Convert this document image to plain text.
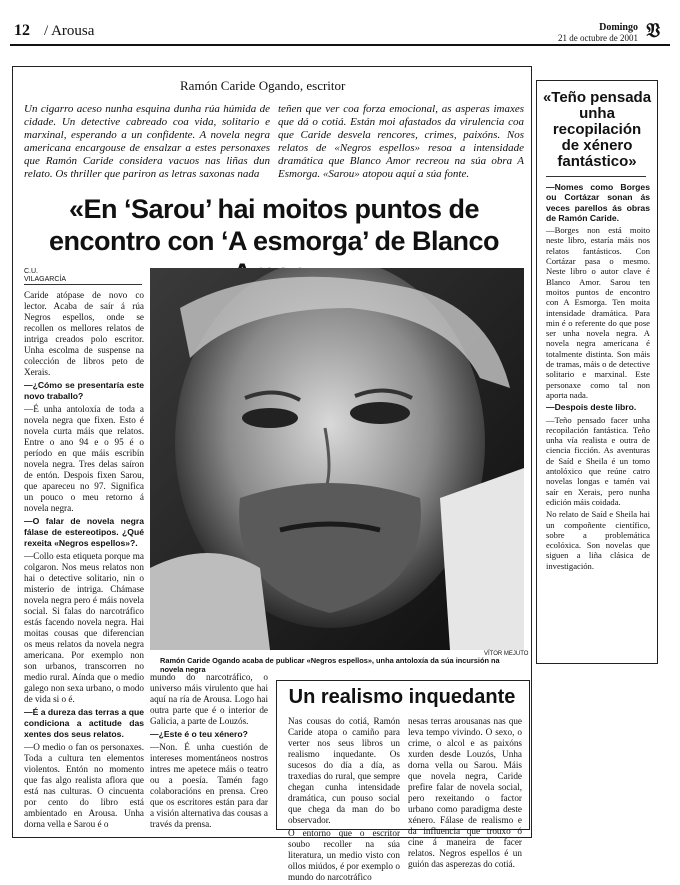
12 / Arousa	Domingo
21 de octubre de 2001 𝔙
Ramón Caride Ogando, escritor
Un cigarro aceso nunha esquina dunha rúa húmida de cidade. Un detective cabreado coa vida, solitario e marxinal, esperando a un confidente. A novela negra americana encargouse de ensalzar a estes personaxes que Ramón Caride considera vacuos nas liñas dun relato. Os thriller que pariron as letras saxonas nada
teñen que ver coa forza emocional, as asperas imaxes que dá o cotiá. Están moi afastados da virulencia coa que Caride desvela rencores, crimes, paixóns. Nos relatos de «Negros espellos» resoa a intensidade dramática que Blanco Amor recreou na súa obra A Esmorga. «Sarou» atopou aquí a súa fonte.
«En ‘Sarou’ hai moitos puntos de encontro con ‘A esmorga’ de Blanco
C.U.
VILAGARCÍA

Caride atópase de novo co lector. Acaba de saír á rúa Negros espellos, onde se recollen os mellores relatos de intriga creados polo escritor. Unha escolma de suspense na colección de libros peto de Xerais.

—¿Cómo se presentaría este novo traballo?

—É unha antoloxía de toda a novela negra que fixen. Esto é novela curta máis que relatos. Entre o ano 94 e o 95 é o período en que máis escribín novela negra. Tres delas saíron de entón. Despois fixen Sarou, que apareceu no 97. Significa un pouco o meu retorno á novela negra.

—O falar de novela negra fálase de estereotipos. ¿Qué rexeita «Negros espellos»?.

—Collo esta etiqueta porque ma colgaron. Nos meus relatos non hai o detective solitario, nin o misterio de intriga. Chámase novela negra pero é máis novela social. Si falas do narcotráfico estás facendo novela negra. Hai moitas cousas que diferencian os meus relatos da novela negra americana. Por exemplo non son urbanos, transcorren no medio rural. Aínda que o medio galego non sexa urbano, o modo de vida si o é.

—É a dureza das terras a que condiciona a actitude das xentes dos seus relatos.

—O medio o fan os personaxes. Toda a cultura ten elementos violentos. Entón no momento que fas algo realista aflora que está nas culturas. O cincuenta por cento do libro está ambientado en Arousa. Unha dorna vella e Sarou é o

VÍTOR MEJUTO
Ramón Caride Ogando acaba de publicar «Negros espellos», unha antoloxía da súa incursión na novela negra

mundo do narcotráfico, o universo máis virulento que hai aquí na ría de Arousa. Logo hai outra parte que é o interior de Galicia, a parte de Louzós.

—¿Este é o teu xénero?

—Non. É unha cuestión de intereses momentáneos nostros intres me apetece máis o teatro ou a poesía. Tamén fago colaboracións en prensa. Creo que os escritores están para dar a visión alternativa das cousas a través da prensa.

Un realismo inquedante

Nas cousas do cotiá, Ramón Caride atopa o camiño para verter nos seus libros un realismo inquedante. Os sucesos do día a día, as traxedias do rural, que sempre chegan cunha intensidade dramática, cun pouso social que chega da man do bo observador.

O entorno que o escritor soubo recoller na súa literatura, un medio visto con ollos miúdos, é por exemplo o mundo do narcotráfico

nesas terras arousanas nas que leva tempo vivindo. O sexo, o crime, o alcol e as paixóns xurden desde Louzós, Unha dorna vella ou Sarou. Máis que novela negra, Caride prefire falar de novela social, pero rexeitando o factor urbano como paradigma deste xénero. Fálase de realismo e da influencia que trouxo ó cine á maneira de facer relatos. Negros espellos é un guión das asperezas do cotiá.

«Teño pensada unha recopilación de xénero fantástico»

—Nomes como Borges ou Cortázar sonan ás veces parellos ás obras de Ramón Caride.

—Borges non está moito neste libro, estaría máis nos relatos fantásticos. Con Cortázar pasa o mesmo. Neste libro o autor clave é Blanco Amor. Sarou ten moitos puntos de encontro con A Esmorga. Ten moita intensidade dramática. Para min é o referente do que pose ser unha novela negra. A novela negra americana é totalmente distinta. Son máis de tramas, máis o de detective solitario e marxinal. Este personaxe como tal non aporta nada.

—Despois deste libro.

—Teño pensado facer unha recopilación fantástica. Teño unha vía realista e outra de ciencia ficción. As aventuras de Saíd e Sheila é un tomo antolóxico que reúne catro novelas longas e tamén vai saír en Xerais, pero nunha edición máis coidada.

No relato de Saíd e Sheila hai un compoñente científico, sobre a problemática ecolóxica. Son novelas que siguen a liña clásica de investigación.
